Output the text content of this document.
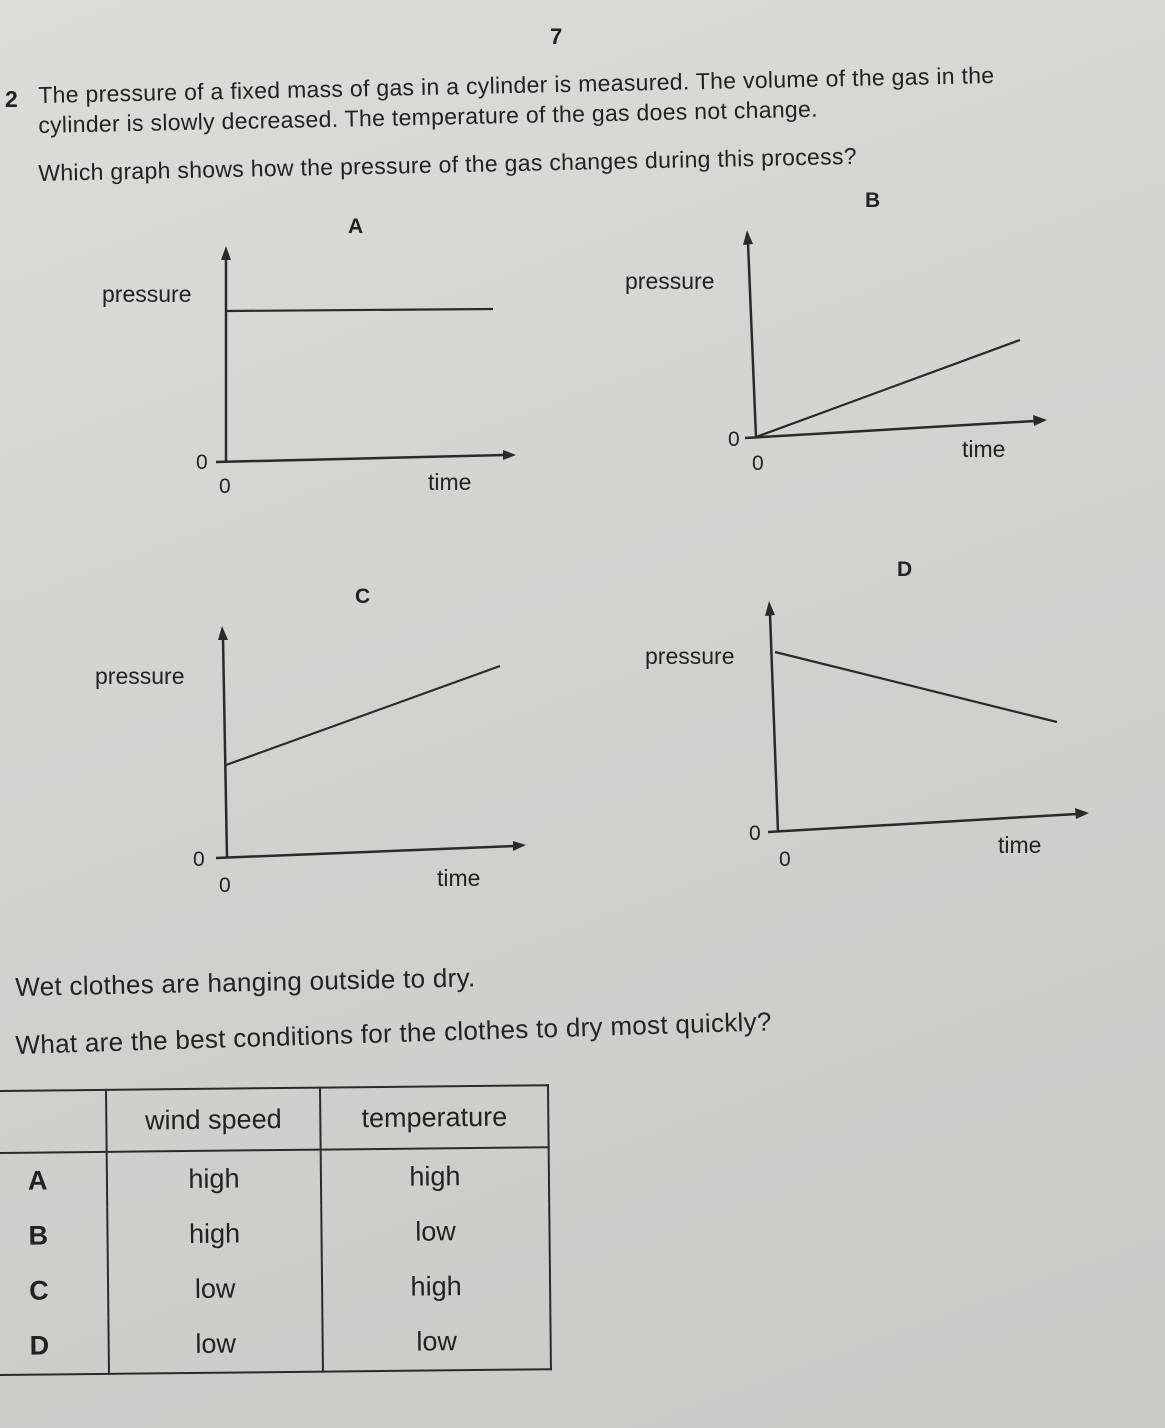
7
2 The pressure of a fixed mass of gas in a cylinder is measured. The volume of the gas in the
cylinder is slowly decreased. The temperature of the gas does not change.
Which graph shows how the pressure of the gas changes during this process?
A
pressure
0
0	time
B
pressure
0
0
time
C
pressure
0
0	time
D
pressure
0
0
time
Wet clothes are hanging outside to dry.
What are the best conditions for the clothes to dry most quickly?
	wind speed	temperature
A	high	high
B	high	low
C	low	high
D	low	low
